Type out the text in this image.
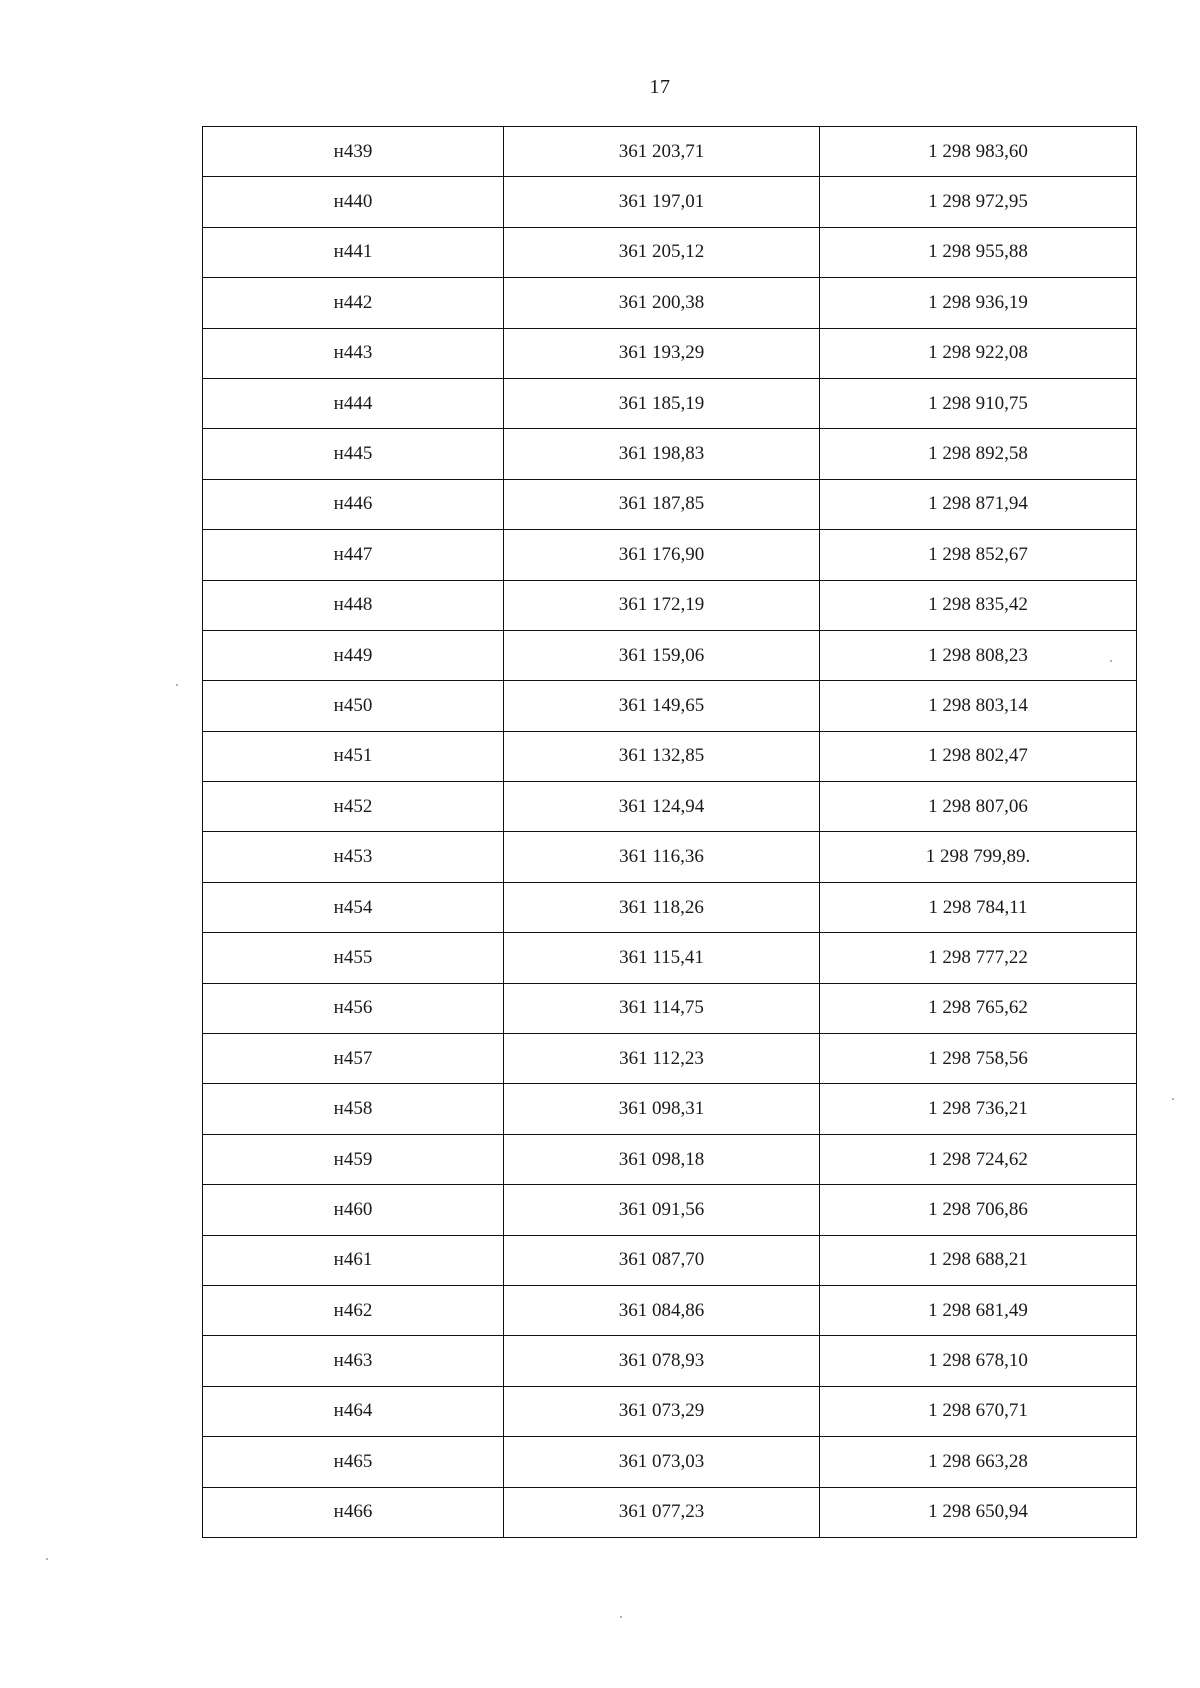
17
н439	361 203,71	1 298 983,60
н440	361 197,01	1 298 972,95
н441	361 205,12	1 298 955,88
н442	361 200,38	1 298 936,19
н443	361 193,29	1 298 922,08
н444	361 185,19	1 298 910,75
н445	361 198,83	1 298 892,58
н446	361 187,85	1 298 871,94
н447	361 176,90	1 298 852,67
н448	361 172,19	1 298 835,42
н449	361 159,06	1 298 808,23
н450	361 149,65	1 298 803,14
н451	361 132,85	1 298 802,47
н452	361 124,94	1 298 807,06
н453	361 116,36	1 298 799,89.
н454	361 118,26	1 298 784,11
н455	361 115,41	1 298 777,22
н456	361 114,75	1 298 765,62
н457	361 112,23	1 298 758,56
н458	361 098,31	1 298 736,21
н459	361 098,18	1 298 724,62
н460	361 091,56	1 298 706,86
н461	361 087,70	1 298 688,21
н462	361 084,86	1 298 681,49
н463	361 078,93	1 298 678,10
н464	361 073,29	1 298 670,71
н465	361 073,03	1 298 663,28
н466	361 077,23	1 298 650,94
